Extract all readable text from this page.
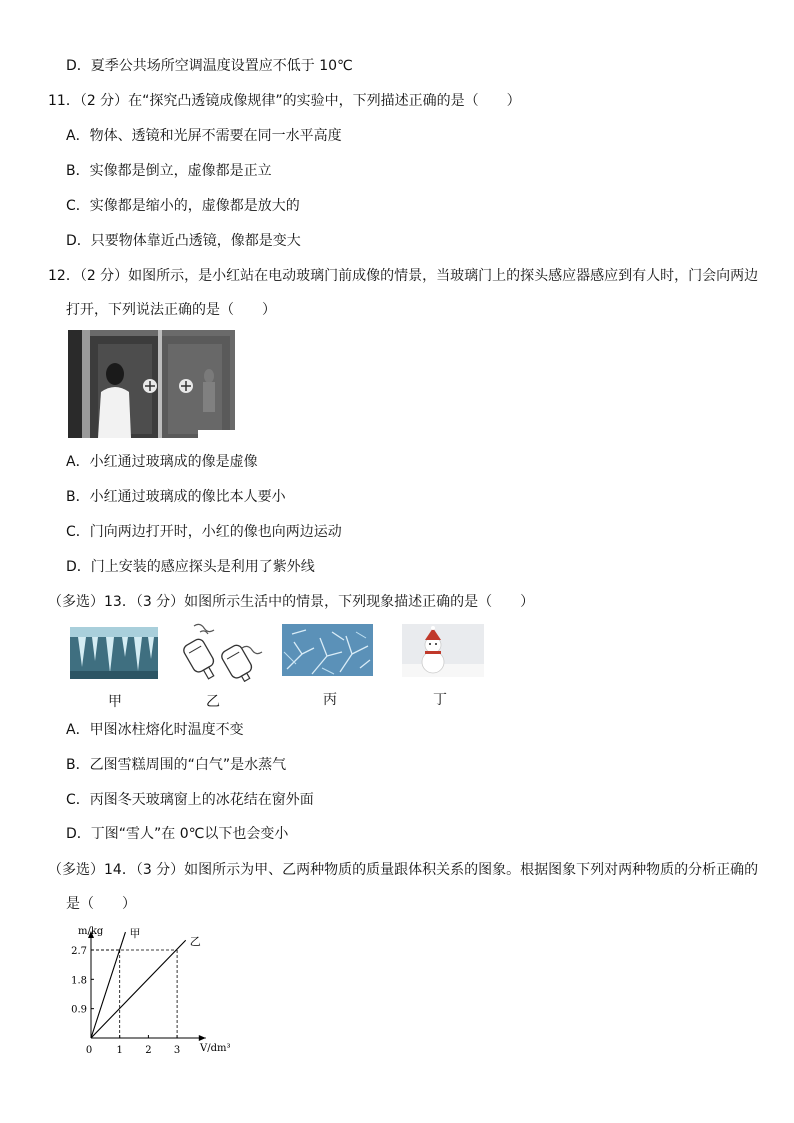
D．夏季公共场所空调温度设置应不低于 10℃
11．（2 分）在“探究凸透镜成像规律”的实验中，下列描述正确的是（　　）
A．物体、透镜和光屏不需要在同一水平高度
B．实像都是倒立，虚像都是正立
C．实像都是缩小的，虚像都是放大的
D．只要物体靠近凸透镜，像都是变大
12．（2 分）如图所示，是小红站在电动玻璃门前成像的情景，当玻璃门上的探头感应器感应到有人时，门会向两边
打开，下列说法正确的是（　　）
A．小红通过玻璃成的像是虚像
B．小红通过玻璃成的像比本人要小
C．门向两边打开时，小红的像也向两边运动
D．门上安装的感应探头是利用了紫外线
（多选）13．（3 分）如图所示生活中的情景，下列现象描述正确的是（　　）
甲	乙	丙	丁
A．甲图冰柱熔化时温度不变
B．乙图雪糕周围的“白气”是水蒸气
C．丙图冬天玻璃窗上的冰花结在窗外面
D．丁图“雪人”在 0℃以下也会变小
（多选）14．（3 分）如图所示为甲、乙两种物质的质量跟体积关系的图象。根据图象下列对两种物质的分析正确的
是（　　）
甲
乙
0 1 2 3
0.9
1.8
2.7
m/kg
V/dm³
